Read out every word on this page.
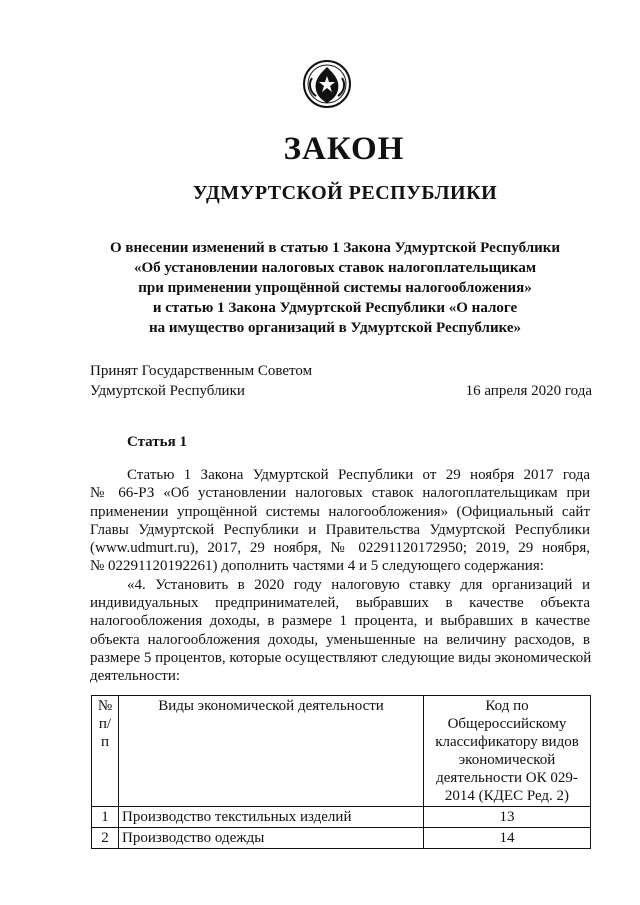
ЗАКОН
УДМУРТСКОЙ РЕСПУБЛИКИ
О внесении изменений в статью 1 Закона Удмуртской Республики
«Об установлении налоговых ставок налогоплательщикам
при применении упрощённой системы налогообложения»
и статью 1 Закона Удмуртской Республики «О налоге
на имущество организаций в Удмуртской Республике»
Принят Государственным Советом
Удмуртской Республики	16 апреля 2020 года
Статья 1
Статью 1 Закона Удмуртской Республики от 29 ноября 2017 года
№ 66-РЗ «Об установлении налоговых ставок налогоплательщикам при
применении упрощённой системы налогообложения» (Официальный сайт
Главы Удмуртской Республики и Правительства Удмуртской Республики
(www.udmurt.ru), 2017, 29 ноября, № 02291120172950; 2019, 29 ноября,
№ 02291120192261) дополнить частями 4 и 5 следующего содержания:
«4. Установить в 2020 году налоговую ставку для организаций и
индивидуальных предпринимателей, выбравших в качестве объекта
налогообложения доходы, в размере 1 процента, и выбравших в качестве
объекта налогообложения доходы, уменьшенные на величину расходов, в
размере 5 процентов, которые осуществляют следующие виды экономической
деятельности:
№ п/п	Виды экономической деятельности	Код по Общероссийскому классификатору видов экономической деятельности ОК 029-2014 (КДЕС Ред. 2)
1	Производство текстильных изделий	13
2	Производство одежды	14
